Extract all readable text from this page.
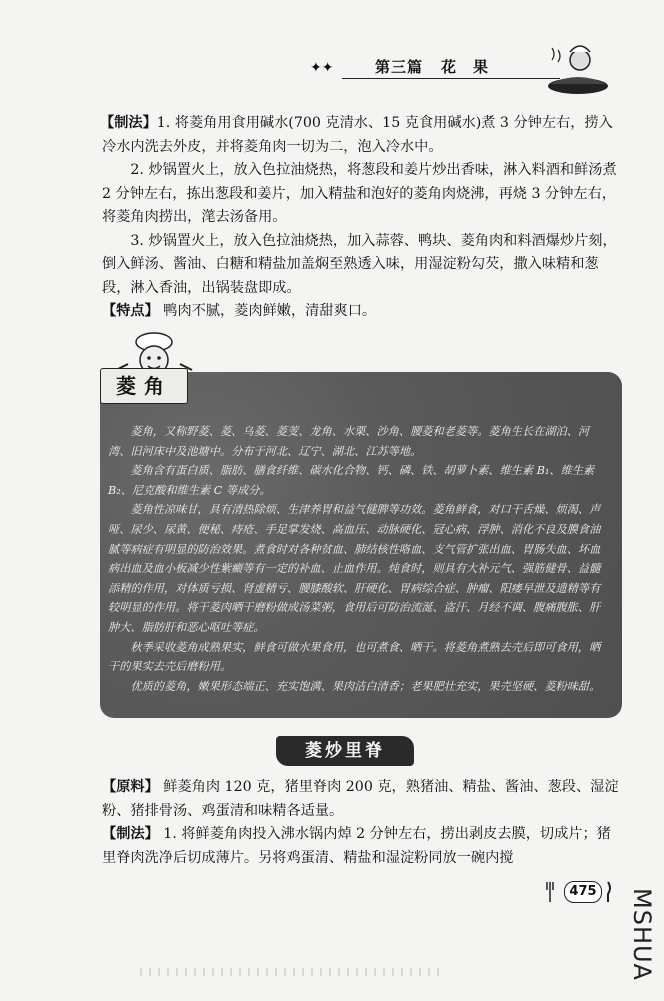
✦✦	第三篇 花　果

【制法】1. 将菱角用食用碱水(700 克清水、15 克食用碱水)煮 3 分钟左右，捞入冷水内洗去外皮，并将菱角肉一切为二，泡入冷水中。

2. 炒锅置火上，放入色拉油烧热，将葱段和姜片炒出香味，淋入料酒和鲜汤煮 2 分钟左右，拣出葱段和姜片，加入精盐和泡好的菱角肉烧沸，再烧 3 分钟左右，将菱角肉捞出，滗去汤备用。

3. 炒锅置火上，放入色拉油烧热，加入蒜蓉、鸭块、菱角肉和料酒爆炒片刻，倒入鲜汤、酱油、白糖和精盐加盖焖至熟透入味，用湿淀粉勾芡，撒入味精和葱段，淋入香油，出锅装盘即成。

【特点】 鸭肉不腻，菱肉鲜嫩，清甜爽口。

菱角，又称野菱、菱、乌菱、菱芰、龙角、水栗、沙角、腰菱和老菱等。菱角生长在湖泊、河湾、旧河床中及池塘中。分布于河北、辽宁、湖北、江苏等地。

菱角含有蛋白质、脂肪、膳食纤维、碳水化合物、钙、磷、铁、胡萝卜素、维生素 B₁、维生素 B₂、尼克酸和维生素 C 等成分。

菱角性凉味甘，具有清热除烦、生津养胃和益气健脾等功效。菱角鲜食，对口干舌燥、烦渴、声哑、尿少、尿黄、便秘、痔疮、手足掌发烧、高血压、动脉硬化、冠心病、浮肿、消化不良及膜食油腻等病症有明显的防治效果。煮食时对各种贫血、肺结核性咯血、支气管扩张出血、胃肠失血、坏血病出血及血小板减少性紫癜等有一定的补血、止血作用。炖食时，则具有大补元气、强筋健骨、益髓添精的作用，对体质亏损、肾虚精亏、腰膝酸软、肝硬化、胃病综合症、肿瘤、阳痿早泄及遗精等有较明显的作用。将干菱肉晒干磨粉做成汤菜粥，食用后可防治流涎、盗汗、月经不调、腹痛腹胀、肝肿大、脂肪肝和恶心呕吐等症。

秋季采收菱角成熟果实，鲜食可做水果食用，也可煮食、晒干。将菱角煮熟去壳后即可食用，晒干的果实去壳后磨粉用。

优质的菱角，嫩果形态端正、充实饱满、果肉洁白清香；老果肥壮充实，果壳坚硬、菱粉味甜。

菱角
菱炒里脊

【原料】 鲜菱角肉 120 克，猪里脊肉 200 克，熟猪油、精盐、酱油、葱段、湿淀粉、猪排骨汤、鸡蛋清和味精各适量。

【制法】 1. 将鲜菱角肉投入沸水锅内焯 2 分钟左右，捞出剥皮去膜，切成片；猪里脊肉洗净后切成薄片。另将鸡蛋清、精盐和湿淀粉同放一碗内搅

475 MSHUA
